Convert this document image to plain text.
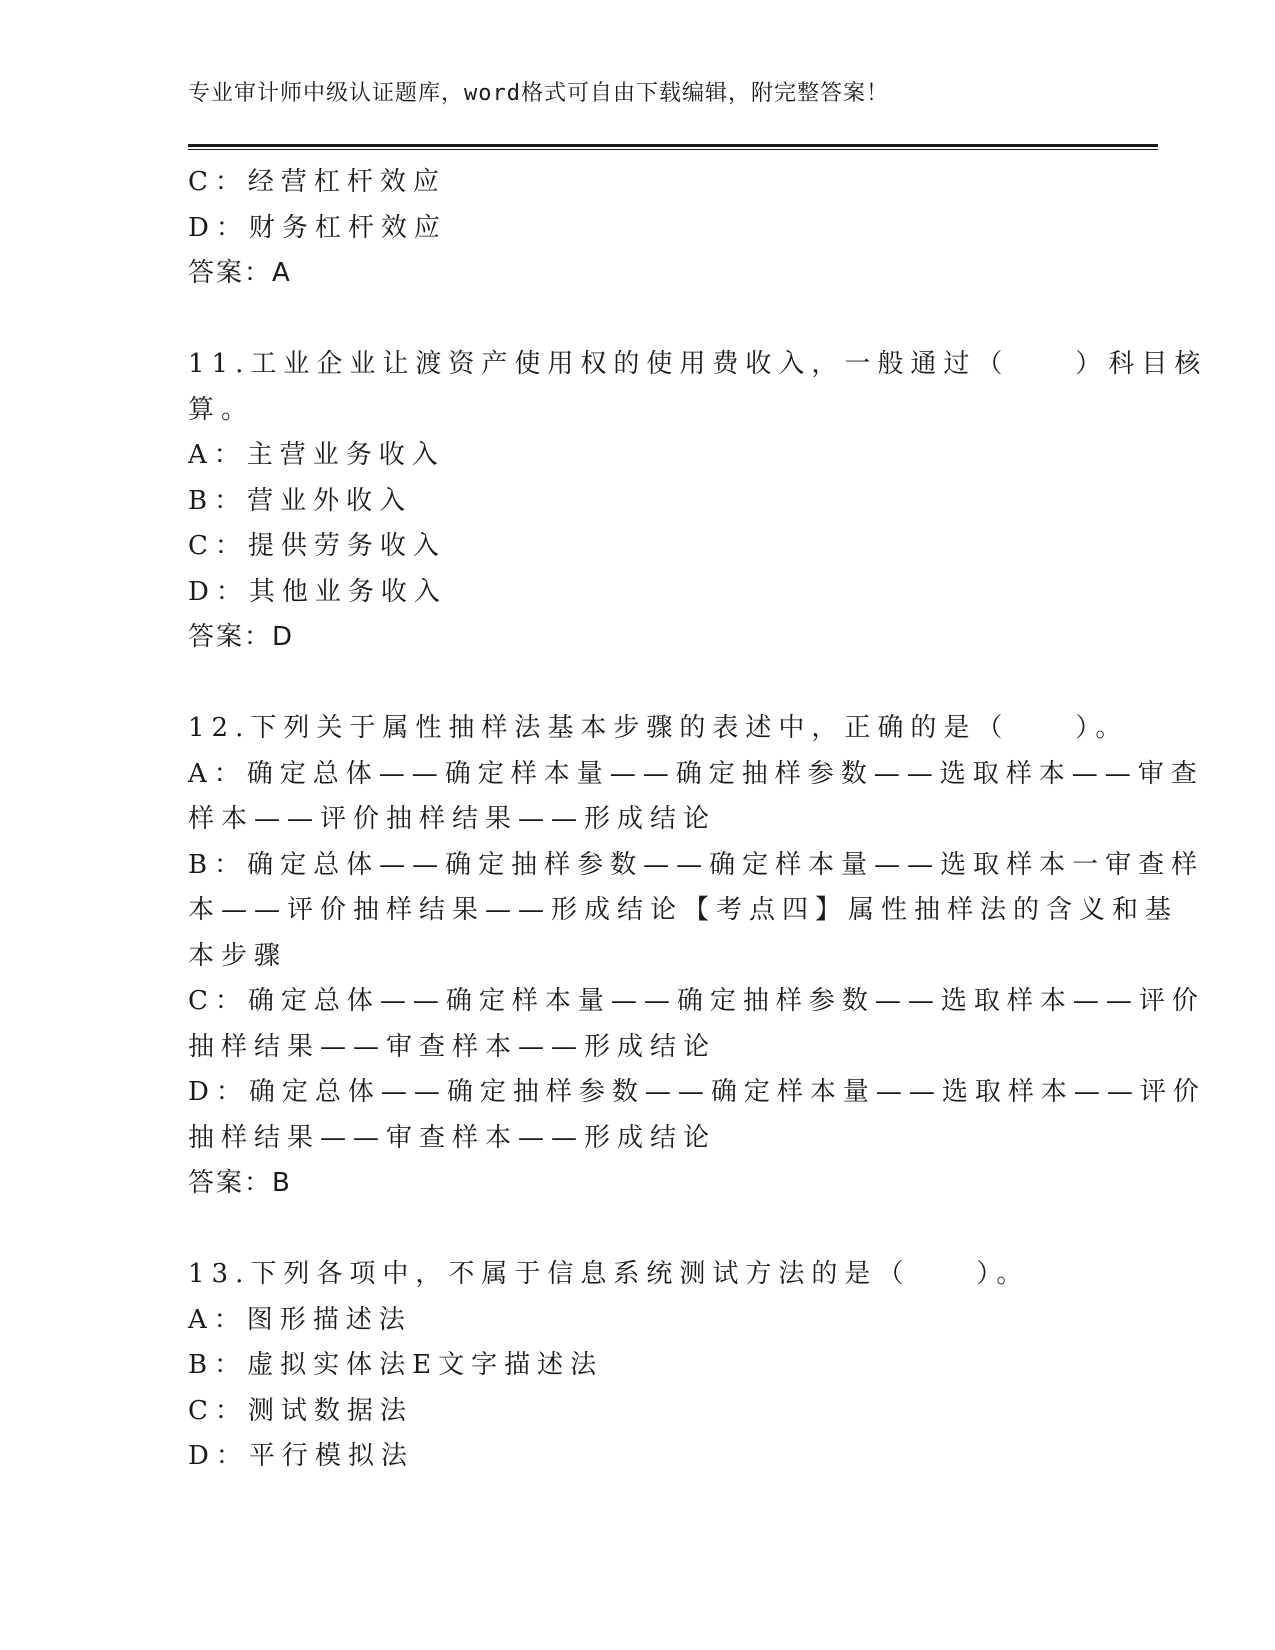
专业审计师中级认证题库，word格式可自由下载编辑，附完整答案！
C：经营杠杆效应
D：财务杠杆效应
答案：A
11.工业企业让渡资产使用权的使用费收入，一般通过（　　）科目核
算。
A：主营业务收入
B：营业外收入
C：提供劳务收入
D：其他业务收入
答案：D
12.下列关于属性抽样法基本步骤的表述中，正确的是（　　）。
A：确定总体——确定样本量——确定抽样参数——选取样本——审查
样本——评价抽样结果——形成结论
B：确定总体——确定抽样参数——确定样本量——选取样本一审查样
本——评价抽样结果——形成结论【考点四】属性抽样法的含义和基
本步骤
C：确定总体——确定样本量——确定抽样参数——选取样本——评价
抽样结果——审查样本——形成结论
D：确定总体——确定抽样参数——确定样本量——选取样本——评价
抽样结果——审查样本——形成结论
答案：B
13.下列各项中，不属于信息系统测试方法的是（　　）。
A：图形描述法
B：虚拟实体法E文字描述法
C：测试数据法
D：平行模拟法
